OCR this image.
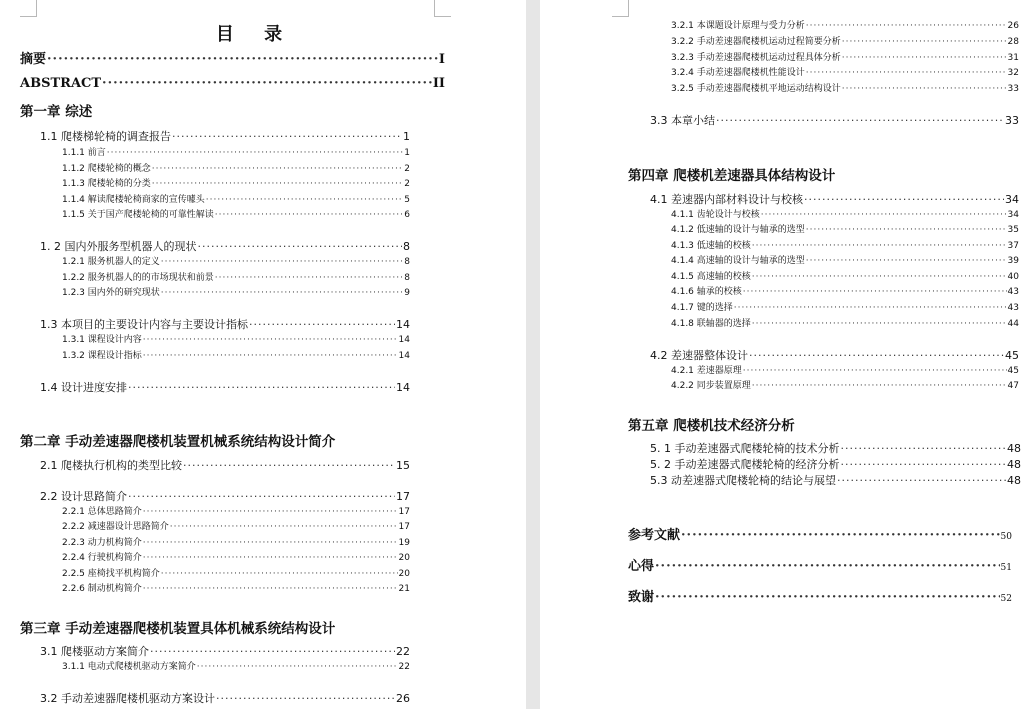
目 录
摘要 ·····	I
ABSTRACT ·····	II
第一章 综述
1.1 爬楼梯轮椅的调查报告 ·····	1
1.1.1 前言 ·····	1
1.1.2 爬楼轮椅的概念 ·····	2
1.1.3 爬楼轮椅的分类 ·····	2
1.1.4 解读爬楼轮椅商家的宣传噱头 ·····	5
1.1.5 关于国产爬楼轮椅的可靠性解读 ·····	6
1. 2 国内外服务型机器人的现状 ·····	8
1.2.1 服务机器人的定义 ·····	8
1.2.2 服务机器人的的市场现状和前景 ·····	8
1.2.3 国内外的研究现状 ·····	9
1.3 本项目的主要设计内容与主要设计指标 ·····	14
1.3.1 课程设计内容 ·····	14
1.3.2 课程设计指标 ·····	14
1.4 设计进度安排 ·····	14
第二章 手动差速器爬楼机装置机械系统结构设计简介
2.1 爬楼执行机构的类型比较 ·····	15
2.2 设计思路简介 ·····	17
2.2.1 总体思路简介 ·····	17
2.2.2 减速器设计思路简介 ·····	17
2.2.3 动力机构简介 ·····	19
2.2.4 行驶机构简介 ·····	20
2.2.5 座椅找平机构简介 ·····	20
2.2.6 制动机构简介 ·····	21
第三章 手动差速器爬楼机装置具体机械系统结构设计
3.1 爬楼驱动方案简介 ·····	22
3.1.1 电动式爬楼机驱动方案简介 ·····	22
3.2 手动差速器爬楼机驱动方案设计 ·····	26
3.2.1 本课题设计原理与受力分析 ·····	26
3.2.2 手动差速器爬楼机运动过程简要分析 ·····	28
3.2.3 手动差速器爬楼机运动过程具体分析 ·····	31
3.2.4 手动差速器爬楼机性能设计 ·····	32
3.2.5 手动差速器爬楼机平地运动结构设计 ·····	33
3.3 本章小结 ·····	33
第四章 爬楼机差速器具体结构设计
4.1 差速器内部材料设计与校核 ·····	34
4.1.1 齿轮设计与校核 ·····	34
4.1.2 低速轴的设计与轴承的选型 ·····	35
4.1.3 低速轴的校核 ·····	37
4.1.4 高速轴的设计与轴承的选型 ·····	39
4.1.5 高速轴的校核 ·····	40
4.1.6 轴承的校核 ·····	43
4.1.7 键的选择 ·····	43
4.1.8 联轴器的选择 ·····	44
4.2 差速器整体设计 ·····	45
4.2.1 差速器原理 ·····	45
4.2.2 同步装置原理 ·····	47
第五章 爬楼机技术经济分析
5. 1 手动差速器式爬楼轮椅的技术分析 ·····	48
5. 2 手动差速器式爬楼轮椅的经济分析 ·····	48
5.3 动差速器式爬楼轮椅的结论与展望 ·····	48
参考文献 ·····	50
心得 ·····	51
致谢 ·····	52
